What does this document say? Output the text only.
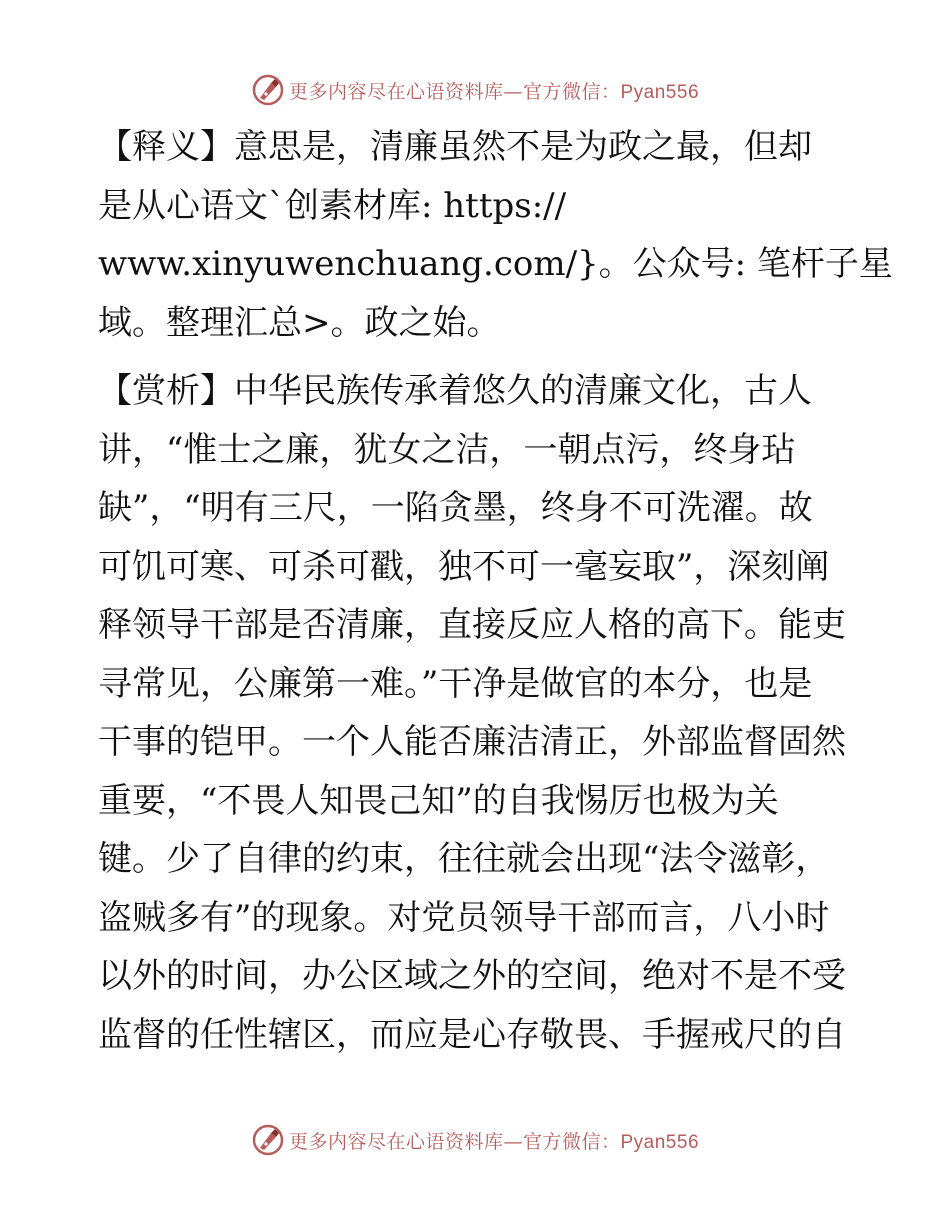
更多内容尽在心语资料库—官方微信：Pyan556

【释义】意思是，清廉虽然不是为政之最，但却
是从心语文`创素材库: https://
www.xinyuwenchuang.com/}。公众号: 笔杆子星
域。整理汇总>。政之始。

【赏析】中华民族传承着悠久的清廉文化，古人
讲，“惟士之廉，犹女之洁，一朝点污，终身玷
缺”，“明有三尺，一陷贪墨，终身不可洗濯。故
可饥可寒、可杀可戳，独不可一毫妄取”，深刻阐
释领导干部是否清廉，直接反应人格的高下。能吏
寻常见，公廉第一难。”干净是做官的本分，也是
干事的铠甲。一个人能否廉洁清正，外部监督固然
重要，“不畏人知畏己知”的自我惕厉也极为关
键。少了自律的约束，往往就会出现“法令滋彰，
盗贼多有”的现象。对党员领导干部而言，八小时
以外的时间，办公区域之外的空间，绝对不是不受
监督的任性辖区，而应是心存敬畏、手握戒尺的自

更多内容尽在心语资料库—官方微信：Pyan556
